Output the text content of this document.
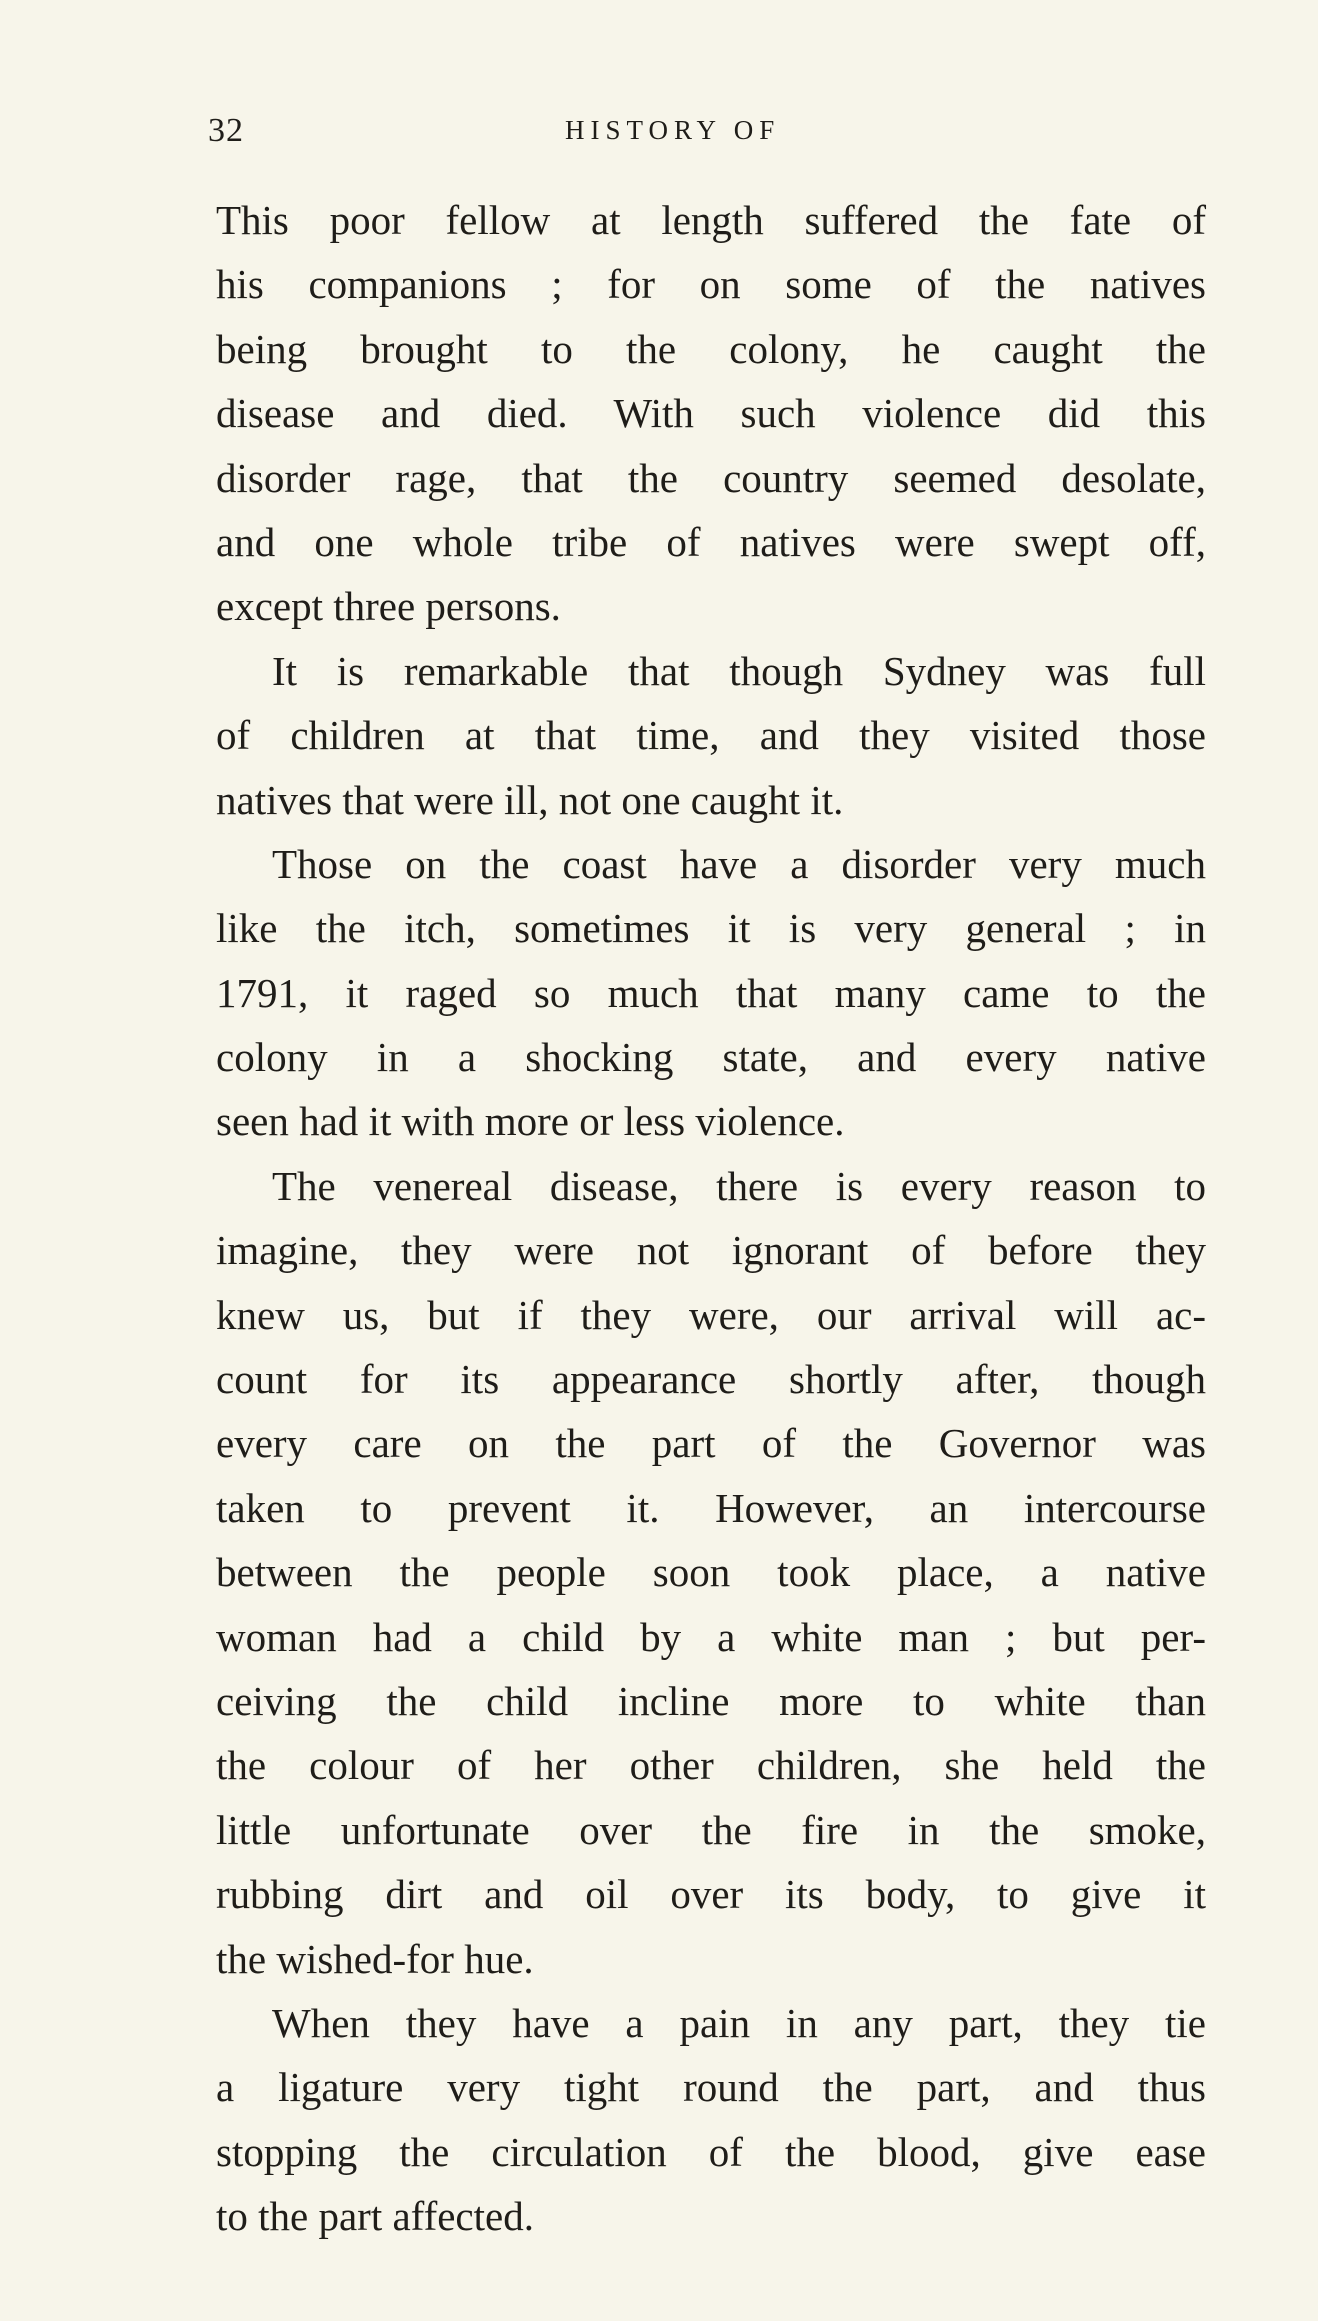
32	HISTORY OF
This poor fellow at length suffered the fate of
his companions ; for on some of the natives
being brought to the colony, he caught the
disease and died. With such violence did this
disorder rage, that the country seemed desolate,
and one whole tribe of natives were swept off,
except three persons.
It is remarkable that though Sydney was full
of children at that time, and they visited those
natives that were ill, not one caught it.
Those on the coast have a disorder very much
like the itch, sometimes it is very general ; in
1791, it raged so much that many came to the
colony in a shocking state, and every native
seen had it with more or less violence.
The venereal disease, there is every reason to
imagine, they were not ignorant of before they
knew us, but if they were, our arrival will ac-
count for its appearance shortly after, though
every care on the part of the Governor was
taken to prevent it. However, an intercourse
between the people soon took place, a native
woman had a child by a white man ; but per-
ceiving the child incline more to white than
the colour of her other children, she held the
little unfortunate over the fire in the smoke,
rubbing dirt and oil over its body, to give it
the wished-for hue.
When they have a pain in any part, they tie
a ligature very tight round the part, and thus
stopping the circulation of the blood, give ease
to the part affected.
